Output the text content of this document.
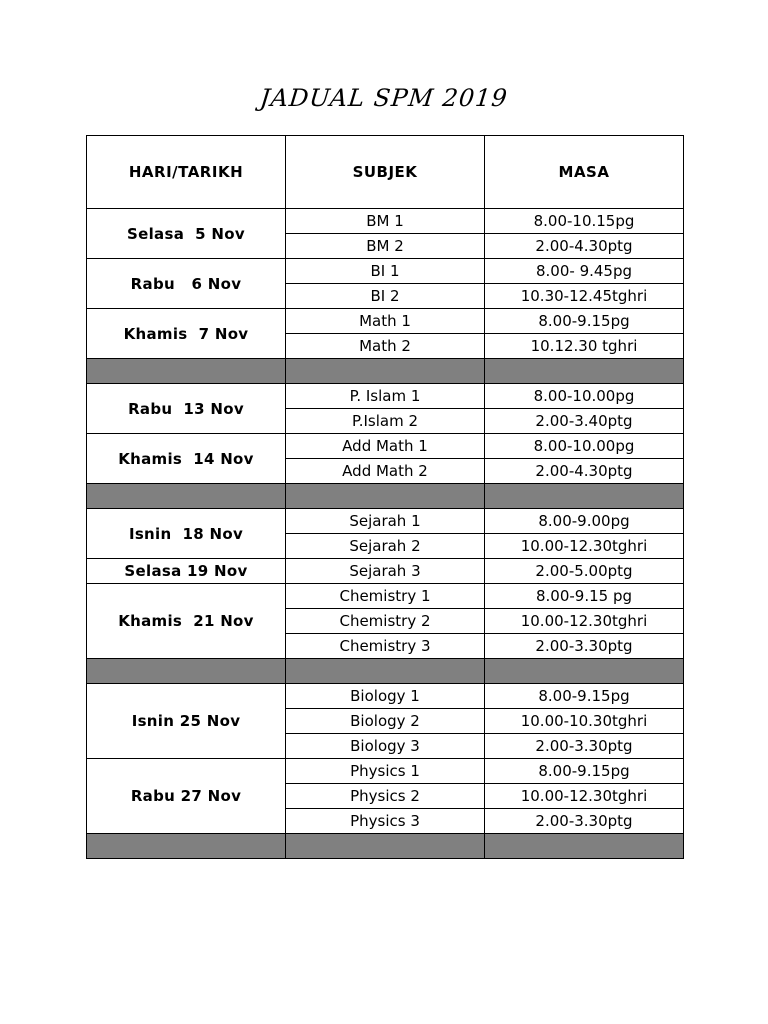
JADUAL SPM 2019
HARI/TARIKH	SUBJEK	MASA
Selasa  5 Nov	BM 1	8.00-10.15pg
	BM 2	2.00-4.30ptg
Rabu   6 Nov	BI 1	8.00- 9.45pg
	BI 2	10.30-12.45tghri
Khamis  7 Nov	Math 1	8.00-9.15pg
	Math 2	10.12.30 tghri

Rabu  13 Nov	P. Islam 1	8.00-10.00pg
	P.Islam 2	2.00-3.40ptg
Khamis  14 Nov	Add Math 1	8.00-10.00pg
	Add Math 2	2.00-4.30ptg

Isnin  18 Nov	Sejarah 1	8.00-9.00pg
	Sejarah 2	10.00-12.30tghri
Selasa 19 Nov	Sejarah 3	2.00-5.00ptg
Khamis  21 Nov	Chemistry 1	8.00-9.15 pg
	Chemistry 2	10.00-12.30tghri
	Chemistry 3	2.00-3.30ptg

Isnin 25 Nov	Biology 1	8.00-9.15pg
	Biology 2	10.00-10.30tghri
	Biology 3	2.00-3.30ptg
Rabu 27 Nov	Physics 1	8.00-9.15pg
	Physics 2	10.00-12.30tghri
	Physics 3	2.00-3.30ptg
